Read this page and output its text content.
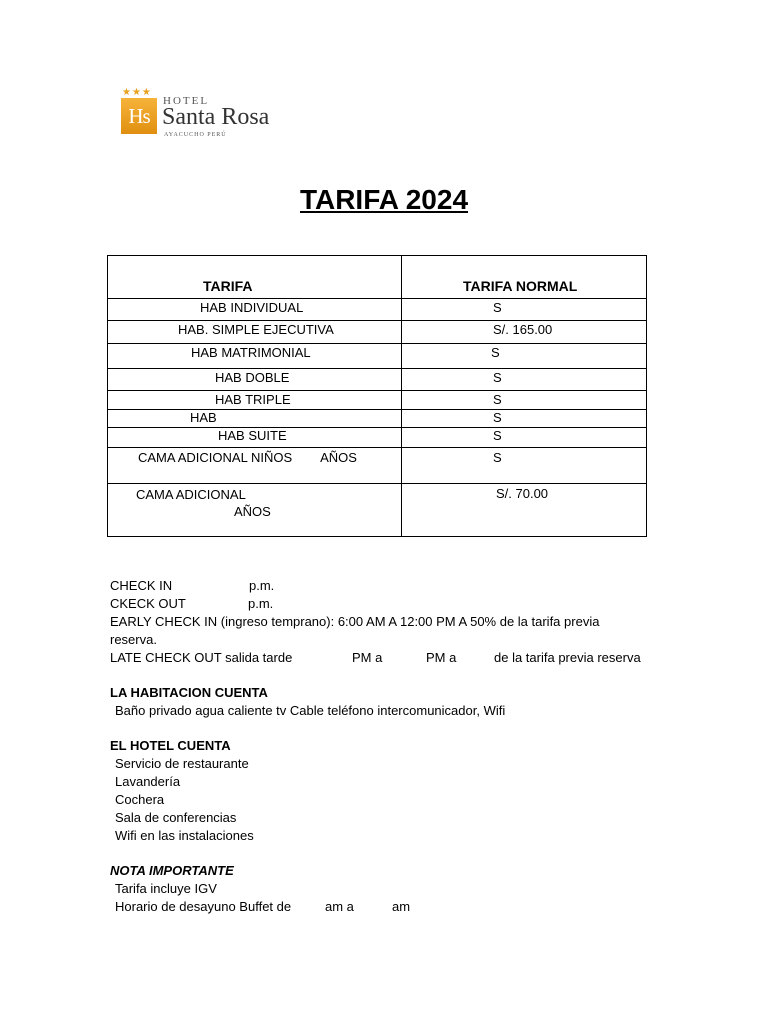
★★★
Hs
HOTEL
Santa Rosa
AYACUCHO PERÚ
TARIFA 2024
TARIFA	TARIFA NORMAL

HAB INDIVIDUAL	S

HAB. SIMPLE EJECUTIVA	S/. 165.00

HAB MATRIMONIAL	S

HAB DOBLE	S

HAB TRIPLE	S

HAB	S

HAB SUITE	S

CAMA ADICIONAL NIÑOS AÑOS	S

CAMA ADICIONAL
AÑOS	S/. 70.00

CHECK IN	p.m.

CKECK OUT	p.m.

EARLY CHECK IN (ingreso temprano): 6:00 AM A 12:00 PM A 50% de la tarifa previa

reserva.

LATE CHECK OUT salida tarde	PM a	PM a	de la tarifa previa reserva

LA HABITACION CUENTA

Baño privado agua caliente tv Cable teléfono intercomunicador, Wifi

EL HOTEL CUENTA

Servicio de restaurante

Lavandería

Cochera

Sala de conferencias

Wifi en las instalaciones

NOTA IMPORTANTE

Tarifa incluye IGV

Horario de desayuno Buffet de	am a	am
